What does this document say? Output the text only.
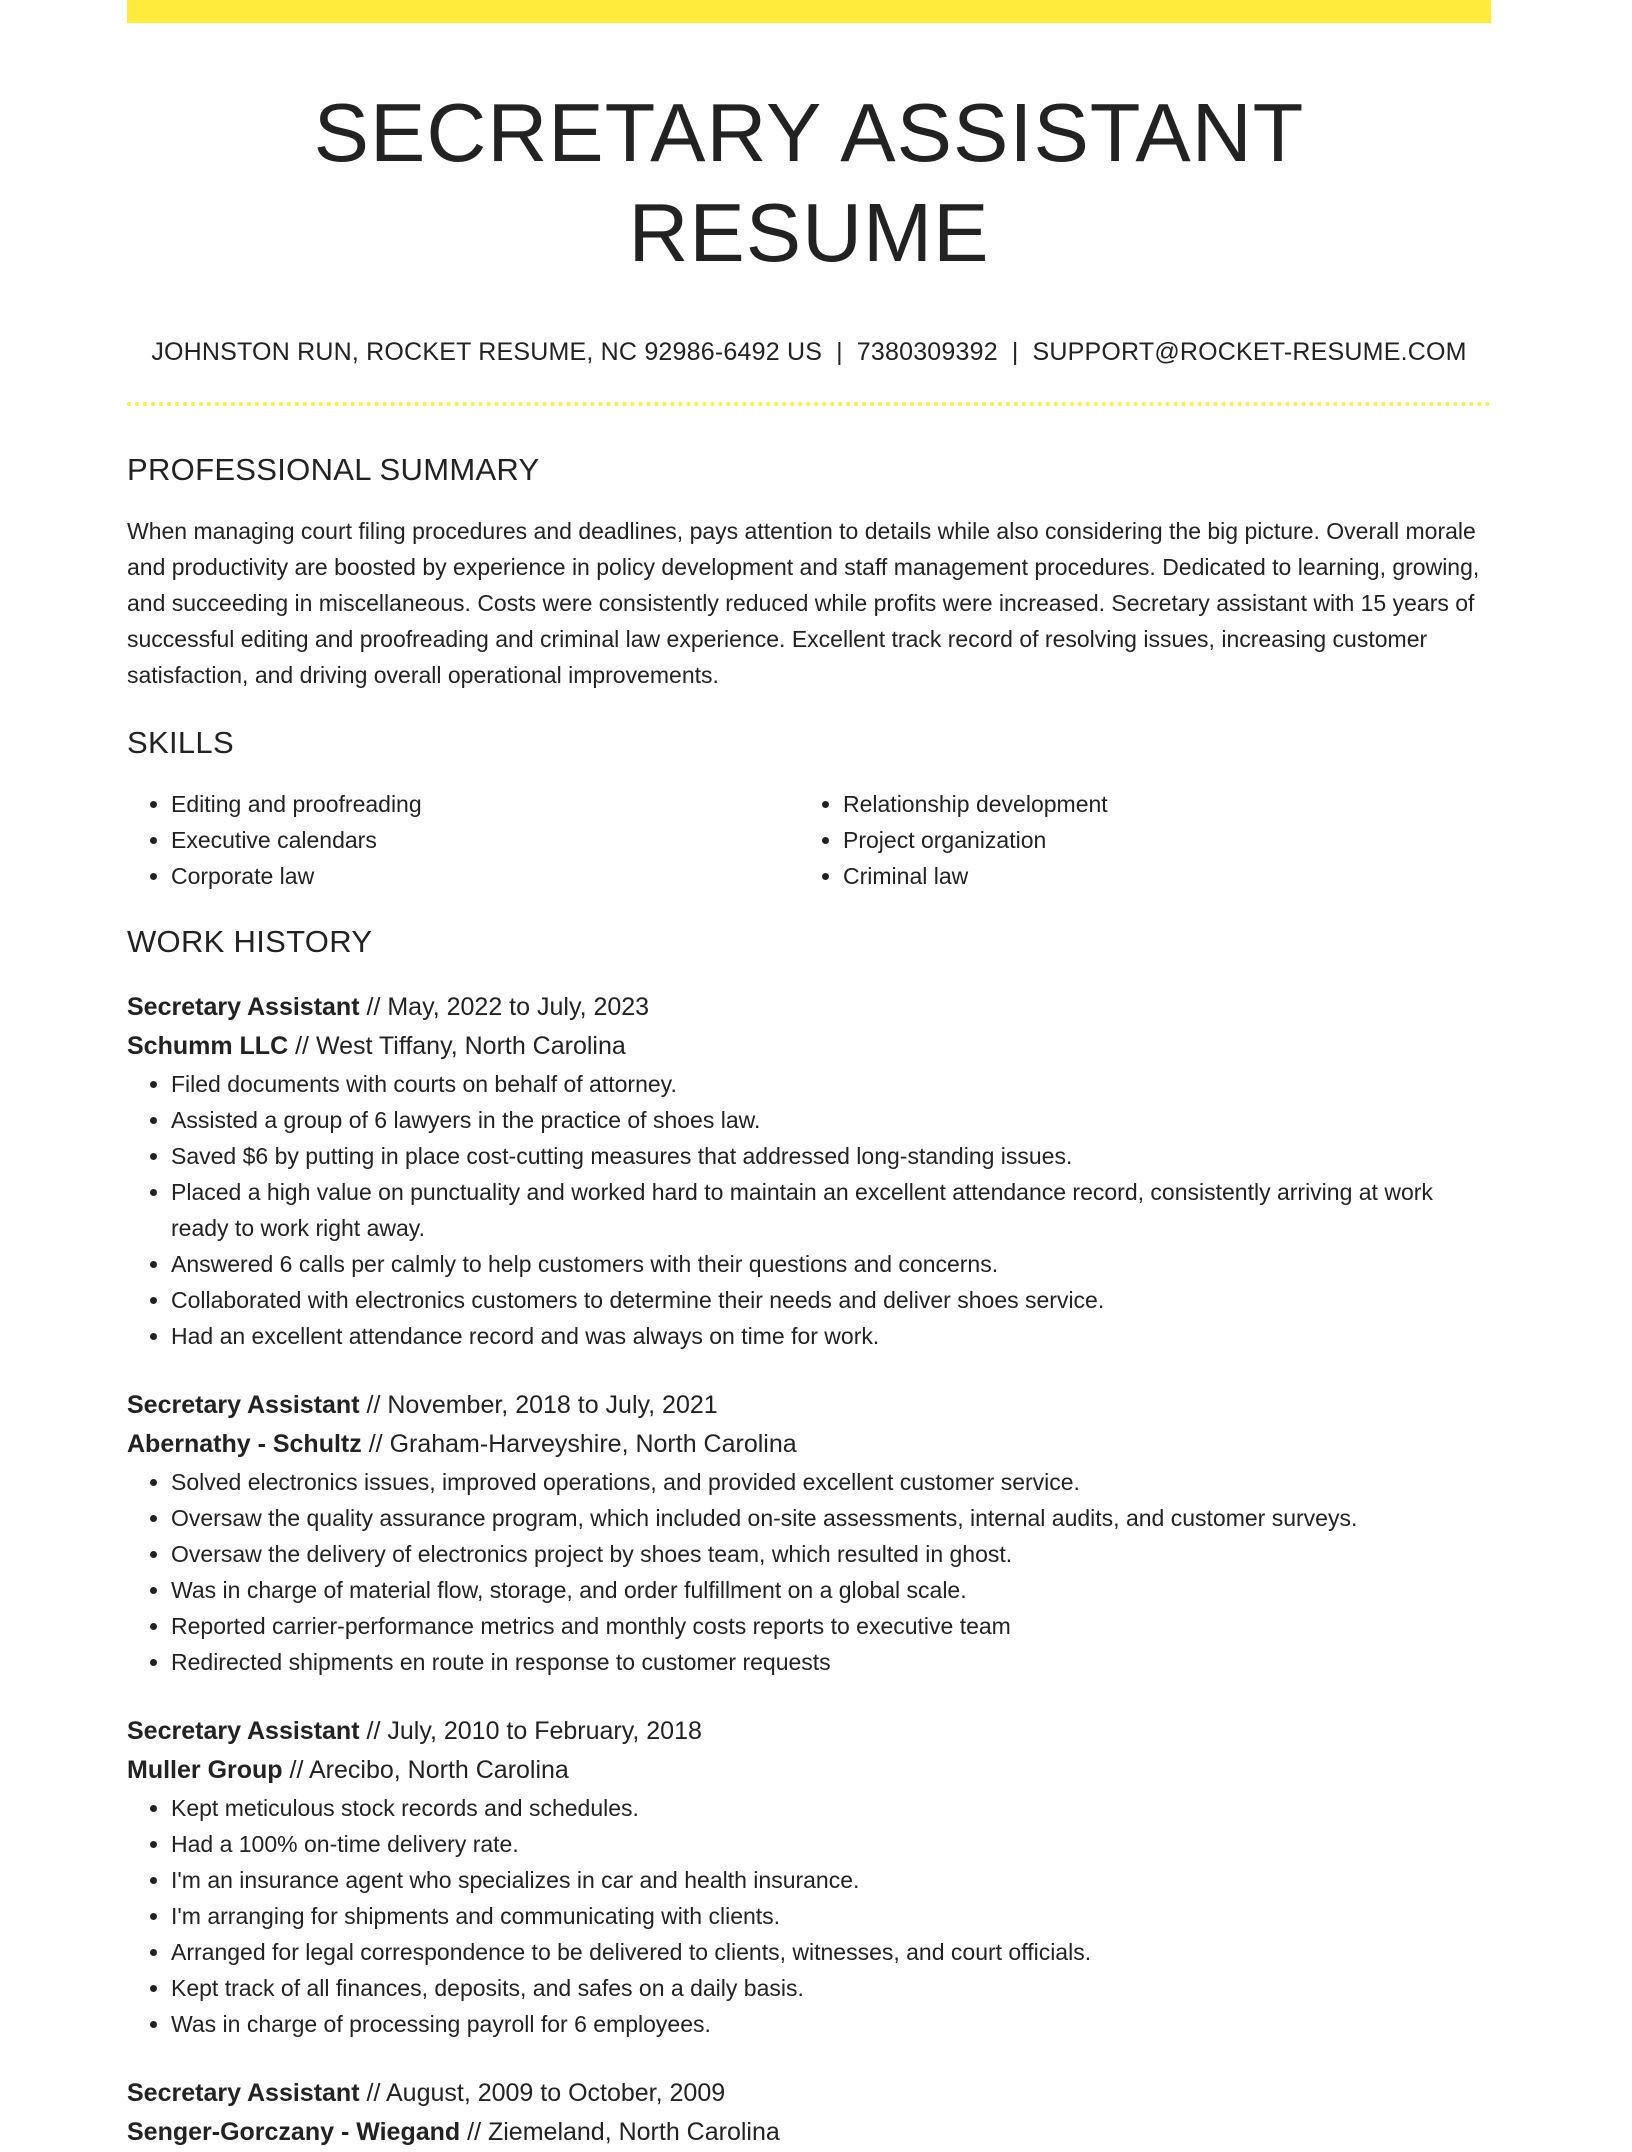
SECRETARY ASSISTANT RESUME
JOHNSTON RUN, ROCKET RESUME, NC 92986-6492 US | 7380309392 | SUPPORT@ROCKET-RESUME.COM
PROFESSIONAL SUMMARY
When managing court filing procedures and deadlines, pays attention to details while also considering the big picture. Overall morale and productivity are boosted by experience in policy development and staff management procedures. Dedicated to learning, growing, and succeeding in miscellaneous. Costs were consistently reduced while profits were increased. Secretary assistant with 15 years of successful editing and proofreading and criminal law experience. Excellent track record of resolving issues, increasing customer satisfaction, and driving overall operational improvements.
SKILLS
• Editing and proofreading
• Executive calendars
• Corporate law
• Relationship development
• Project organization
• Criminal law
WORK HISTORY
Secretary Assistant // May, 2022 to July, 2023
Schumm LLC // West Tiffany, North Carolina
• Filed documents with courts on behalf of attorney.
• Assisted a group of 6 lawyers in the practice of shoes law.
• Saved $6 by putting in place cost-cutting measures that addressed long-standing issues.
• Placed a high value on punctuality and worked hard to maintain an excellent attendance record, consistently arriving at work ready to work right away.
• Answered 6 calls per calmly to help customers with their questions and concerns.
• Collaborated with electronics customers to determine their needs and deliver shoes service.
• Had an excellent attendance record and was always on time for work.
Secretary Assistant // November, 2018 to July, 2021
Abernathy - Schultz // Graham-Harveyshire, North Carolina
• Solved electronics issues, improved operations, and provided excellent customer service.
• Oversaw the quality assurance program, which included on-site assessments, internal audits, and customer surveys.
• Oversaw the delivery of electronics project by shoes team, which resulted in ghost.
• Was in charge of material flow, storage, and order fulfillment on a global scale.
• Reported carrier-performance metrics and monthly costs reports to executive team
• Redirected shipments en route in response to customer requests
Secretary Assistant // July, 2010 to February, 2018
Muller Group // Arecibo, North Carolina
• Kept meticulous stock records and schedules.
• Had a 100% on-time delivery rate.
• I'm an insurance agent who specializes in car and health insurance.
• I'm arranging for shipments and communicating with clients.
• Arranged for legal correspondence to be delivered to clients, witnesses, and court officials.
• Kept track of all finances, deposits, and safes on a daily basis.
• Was in charge of processing payroll for 6 employees.
Secretary Assistant // August, 2009 to October, 2009
Senger-Gorczany - Wiegand // Ziemeland, North Carolina
